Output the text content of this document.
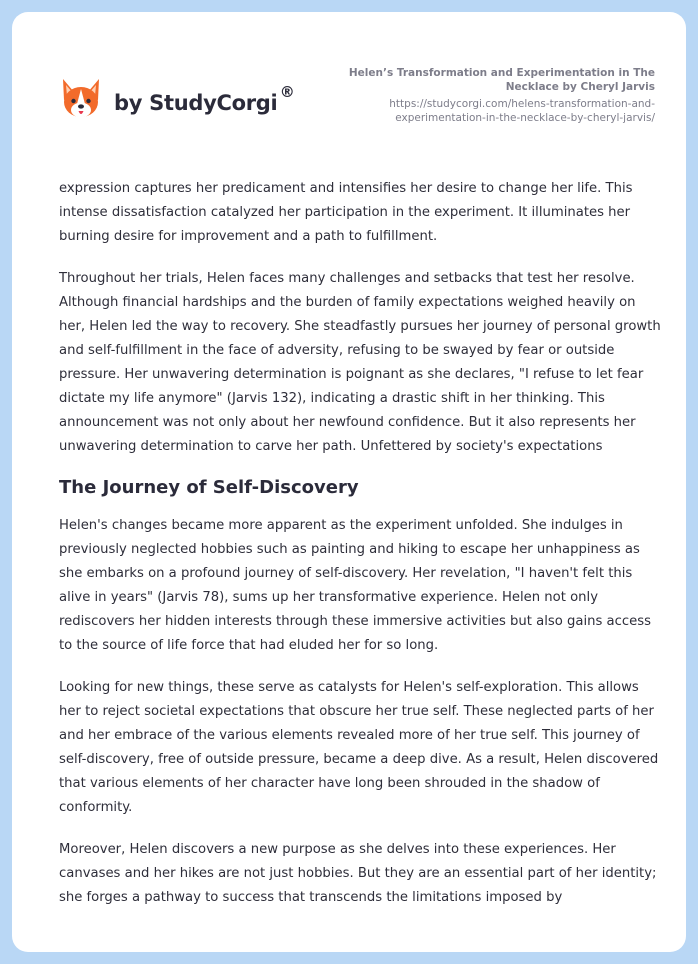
by StudyCorgi ®
Helen’s Transformation and Experimentation in The Necklace by Cheryl Jarvis
https://studycorgi.com/helens-transformation-and-experimentation-in-the-necklace-by-cheryl-jarvis/

expression captures her predicament and intensifies her desire to change her life. This intense dissatisfaction catalyzed her participation in the experiment. It illuminates her burning desire for improvement and a path to fulfillment.

Throughout her trials, Helen faces many challenges and setbacks that test her resolve. Although financial hardships and the burden of family expectations weighed heavily on her, Helen led the way to recovery. She steadfastly pursues her journey of personal growth and self-fulfillment in the face of adversity, refusing to be swayed by fear or outside pressure. Her unwavering determination is poignant as she declares, "I refuse to let fear dictate my life anymore" (Jarvis 132), indicating a drastic shift in her thinking. This announcement was not only about her newfound confidence. But it also represents her unwavering determination to carve her path. Unfettered by society's expectations

The Journey of Self-Discovery

Helen's changes became more apparent as the experiment unfolded. She indulges in previously neglected hobbies such as painting and hiking to escape her unhappiness as she embarks on a profound journey of self-discovery. Her revelation, "I haven't felt this alive in years" (Jarvis 78), sums up her transformative experience. Helen not only rediscovers her hidden interests through these immersive activities but also gains access to the source of life force that had eluded her for so long.

Looking for new things, these serve as catalysts for Helen's self-exploration. This allows her to reject societal expectations that obscure her true self. These neglected parts of her and her embrace of the various elements revealed more of her true self. This journey of self-discovery, free of outside pressure, became a deep dive. As a result, Helen discovered that various elements of her character have long been shrouded in the shadow of conformity.

Moreover, Helen discovers a new purpose as she delves into these experiences. Her canvases and her hikes are not just hobbies. But they are an essential part of her identity; she forges a pathway to success that transcends the limitations imposed by
